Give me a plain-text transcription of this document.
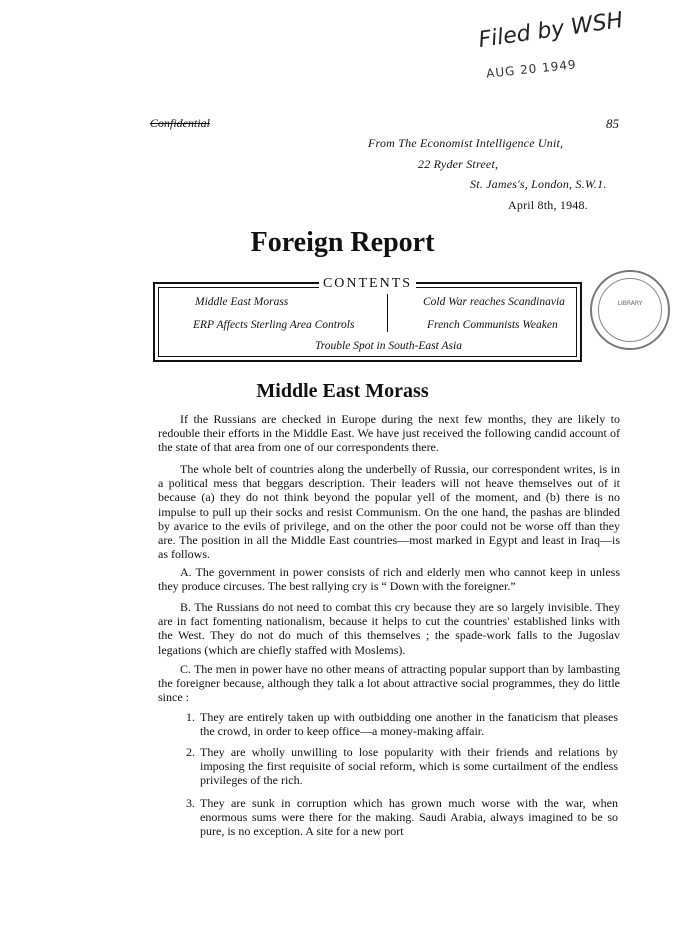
Filed by WSH
AUG 20 1949
Confidential	85
From The Economist Intelligence Unit,
22 Ryder Street,
St. James's, London, S.W.1.
April 8th, 1948.
Foreign Report
CONTENTS
Middle East Morass
ERP Affects Sterling Area Controls
Cold War reaches Scandinavia
French Communists Weaken
Trouble Spot in South-East Asia
LIBRARY
Middle East Morass

If the Russians are checked in Europe during the next few months, they are likely to redouble their efforts in the Middle East. We have just received the following candid account of the state of that area from one of our correspondents there.

The whole belt of countries along the underbelly of Russia, our correspondent writes, is in a political mess that beggars description. Their leaders will not heave themselves out of it because (a) they do not think beyond the popular yell of the moment, and (b) there is no impulse to pull up their socks and resist Communism. On the one hand, the pashas are blinded by avarice to the evils of privilege, and on the other the poor could not be worse off than they are. The position in all the Middle East countries—most marked in Egypt and least in Iraq—is as follows.

A. The government in power consists of rich and elderly men who cannot keep in unless they produce circuses. The best rallying cry is “ Down with the foreigner.”

B. The Russians do not need to combat this cry because they are so largely invisible. They are in fact fomenting nationalism, because it helps to cut the countries' established links with the West. They do not do much of this themselves ; the spade-work falls to the Jugoslav legations (which are chiefly staffed with Moslems).

C. The men in power have no other means of attracting popular support than by lambasting the foreigner because, although they talk a lot about attractive social programmes, they do little since :

1. They are entirely taken up with outbidding one another in the fanaticism that pleases the crowd, in order to keep office—a money-making affair.
2. They are wholly unwilling to lose popularity with their friends and relations by imposing the first requisite of social reform, which is some curtailment of the endless privileges of the rich.
3. They are sunk in corruption which has grown much worse with the war, when enormous sums were there for the making. Saudi Arabia, always imagined to be so pure, is no exception. A site for a new port
